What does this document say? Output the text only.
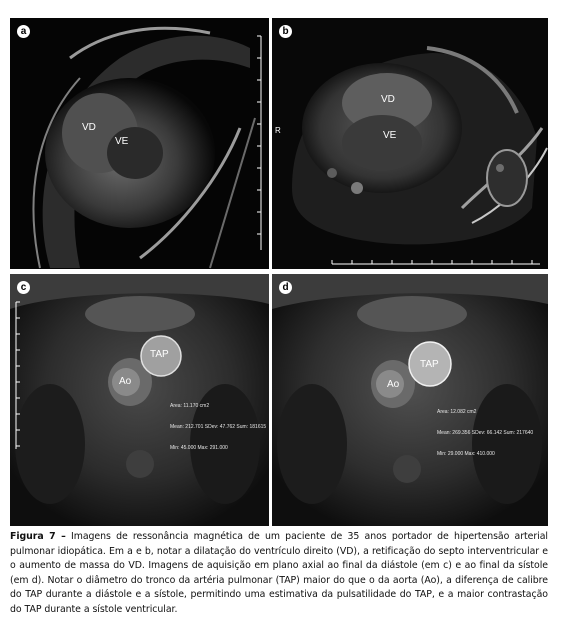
a
VD
VE
b
R
VD
VE
c
TAP
Ao

Area: 11.170 cm2

Mean: 212.701 SDev: 47.762 Sum: 181615

Min: 45.000 Max: 291.000

d
TAP
Ao

Area: 12.082 cm2

Mean: 269.356 SDev: 66.142 Sum: 217640

Min: 29.000 Max: 410.000

Figura 7 – Imagens de ressonância magnética de um paciente de 35 anos portador de hipertensão arterial pulmonar idiopática. Em a e b, notar a dilatação do ventrículo direito (VD), a retificação do septo interventricular e o aumento de massa do VD. Imagens de aquisição em plano axial ao final da diástole (em c) e ao final da sístole (em d). Notar o diâmetro do tronco da artéria pulmonar (TAP) maior do que o da aorta (Ao), a diferença de calibre do TAP durante a diástole e a sístole, permitindo uma estimativa da pulsatilidade do TAP, e a maior contrastação do TAP durante a sístole ventricular.
